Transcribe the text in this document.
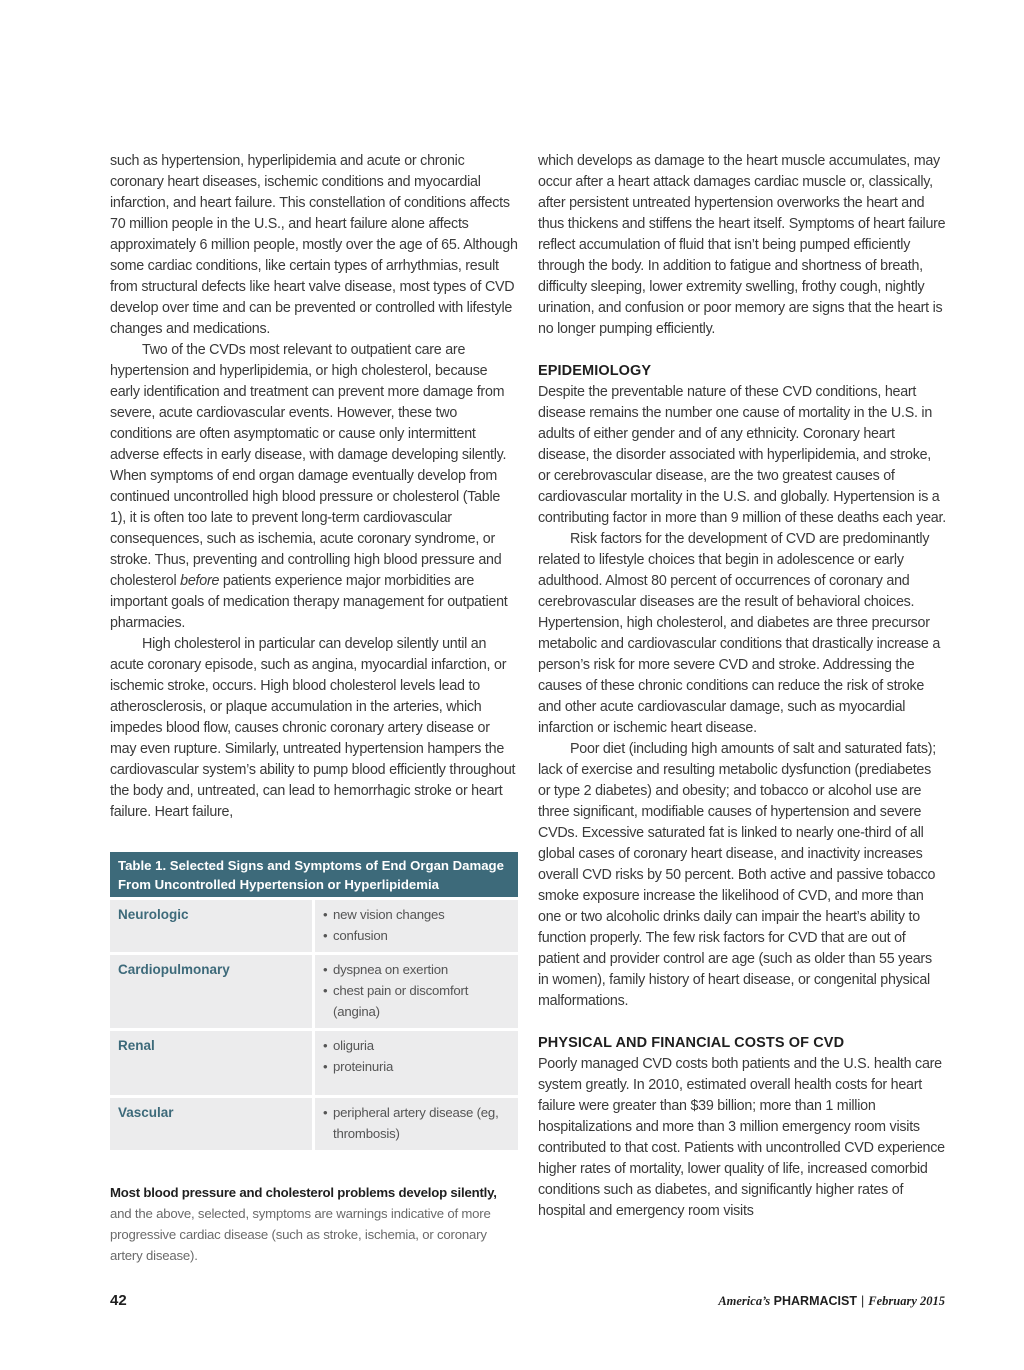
such as hypertension, hyperlipidemia and acute or chronic coronary heart diseases, ischemic conditions and myocardial infarction, and heart failure. This constellation of conditions affects 70 million people in the U.S., and heart failure alone affects approximately 6 million people, mostly over the age of 65. Although some cardiac conditions, like certain types of arrhythmias, result from structural defects like heart valve disease, most types of CVD develop over time and can be prevented or controlled with lifestyle changes and medications.

Two of the CVDs most relevant to outpatient care are hypertension and hyperlipidemia, or high cholesterol, because early identification and treatment can prevent more damage from severe, acute cardiovascular events. However, these two conditions are often asymptomatic or cause only intermittent adverse effects in early disease, with damage developing silently. When symptoms of end organ damage eventually develop from continued uncontrolled high blood pressure or cholesterol (Table 1), it is often too late to prevent long-term cardiovascular consequences, such as ischemia, acute coronary syndrome, or stroke. Thus, preventing and controlling high blood pressure and cholesterol before patients experience major morbidities are important goals of medication therapy management for outpatient pharmacies.

High cholesterol in particular can develop silently until an acute coronary episode, such as angina, myocardial infarction, or ischemic stroke, occurs. High blood cholesterol levels lead to atherosclerosis, or plaque accumulation in the arteries, which impedes blood flow, causes chronic coronary artery disease or may even rupture. Similarly, untreated hypertension hampers the cardiovascular system’s ability to pump blood efficiently throughout the body and, untreated, can lead to hemorrhagic stroke or heart failure. Heart failure,

Table 1. Selected Signs and Symptoms of End Organ Damage From Uncontrolled Hypertension or Hyperlipidemia
Neurologic	• new vision changes
• confusion
Cardiopulmonary	• dyspnea on exertion
• chest pain or discomfort (angina)
Renal	• oliguria
• proteinuria
Vascular	• peripheral artery disease (eg, thrombosis)
Most blood pressure and cholesterol problems develop silently, and the above, selected, symptoms are warnings indicative of more progressive cardiac disease (such as stroke, ischemia, or coronary artery disease).

which develops as damage to the heart muscle accumulates, may occur after a heart attack damages cardiac muscle or, classically, after persistent untreated hypertension overworks the heart and thus thickens and stiffens the heart itself. Symptoms of heart failure reflect accumulation of fluid that isn’t being pumped efficiently through the body. In addition to fatigue and shortness of breath, difficulty sleeping, lower extremity swelling, frothy cough, nightly urination, and confusion or poor memory are signs that the heart is no longer pumping efficiently.

EPIDEMIOLOGY

Despite the preventable nature of these CVD conditions, heart disease remains the number one cause of mortality in the U.S. in adults of either gender and of any ethnicity. Coronary heart disease, the disorder associated with hyperlipidemia, and stroke, or cerebrovascular disease, are the two greatest causes of cardiovascular mortality in the U.S. and globally. Hypertension is a contributing factor in more than 9 million of these deaths each year.

Risk factors for the development of CVD are predominantly related to lifestyle choices that begin in adolescence or early adulthood. Almost 80 percent of occurrences of coronary and cerebrovascular diseases are the result of behavioral choices. Hypertension, high cholesterol, and diabetes are three precursor metabolic and cardiovascular conditions that drastically increase a person’s risk for more severe CVD and stroke. Addressing the causes of these chronic conditions can reduce the risk of stroke and other acute cardiovascular damage, such as myocardial infarction or ischemic heart disease.

Poor diet (including high amounts of salt and saturated fats); lack of exercise and resulting metabolic dysfunction (prediabetes or type 2 diabetes) and obesity; and tobacco or alcohol use are three significant, modifiable causes of hypertension and severe CVDs. Excessive saturated fat is linked to nearly one-third of all global cases of coronary heart disease, and inactivity increases overall CVD risks by 50 percent. Both active and passive tobacco smoke exposure increase the likelihood of CVD, and more than one or two alcoholic drinks daily can impair the heart’s ability to function properly. The few risk factors for CVD that are out of patient and provider control are age (such as older than 55 years in women), family history of heart disease, or congenital physical malformations.

PHYSICAL AND FINANCIAL COSTS OF CVD

Poorly managed CVD costs both patients and the U.S. health care system greatly. In 2010, estimated overall health costs for heart failure were greater than $39 billion; more than 1 million hospitalizations and more than 3 million emergency room visits contributed to that cost. Patients with uncontrolled CVD experience higher rates of mortality, lower quality of life, increased comorbid conditions such as diabetes, and significantly higher rates of hospital and emergency room visits

42	America’s PHARMACIST | February 2015
